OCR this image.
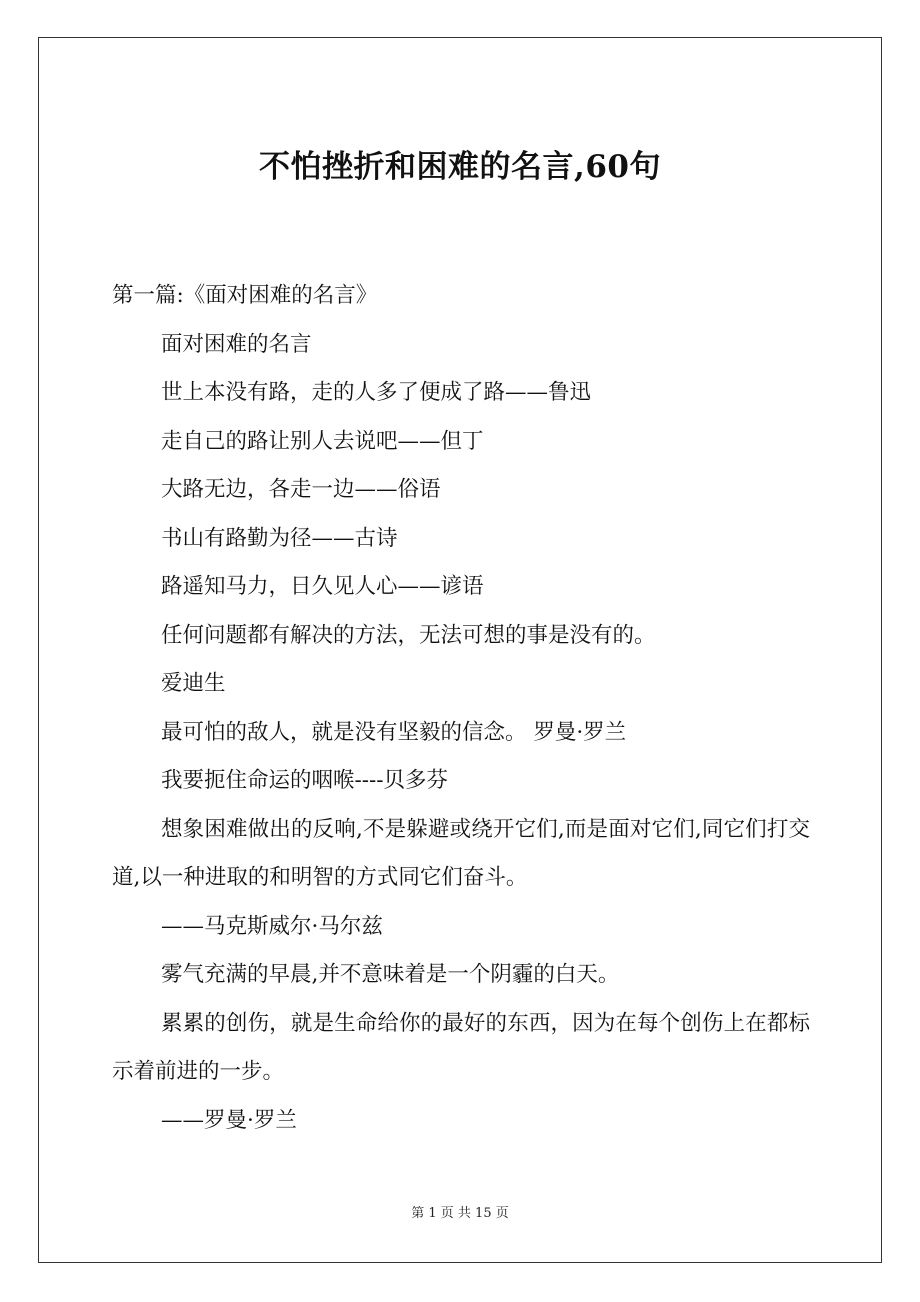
不怕挫折和困难的名言,60句

第一篇:《面对困难的名言》

面对困难的名言

世上本没有路，走的人多了便成了路——鲁迅

走自己的路让别人去说吧——但丁

大路无边，各走一边——俗语

书山有路勤为径——古诗

路遥知马力，日久见人心——谚语

任何问题都有解决的方法，无法可想的事是没有的。

爱迪生

最可怕的敌人，就是没有坚毅的信念。 罗曼·罗兰

我要扼住命运的咽喉----贝多芬

想象困难做出的反响,不是躲避或绕开它们,而是面对它们,同它们打交道,以一种进取的和明智的方式同它们奋斗。

——马克斯威尔·马尔兹

雾气充满的早晨,并不意味着是一个阴霾的白天。

累累的创伤，就是生命给你的最好的东西，因为在每个创伤上在都标示着前进的一步。

——罗曼·罗兰

第 1 页 共 15 页
